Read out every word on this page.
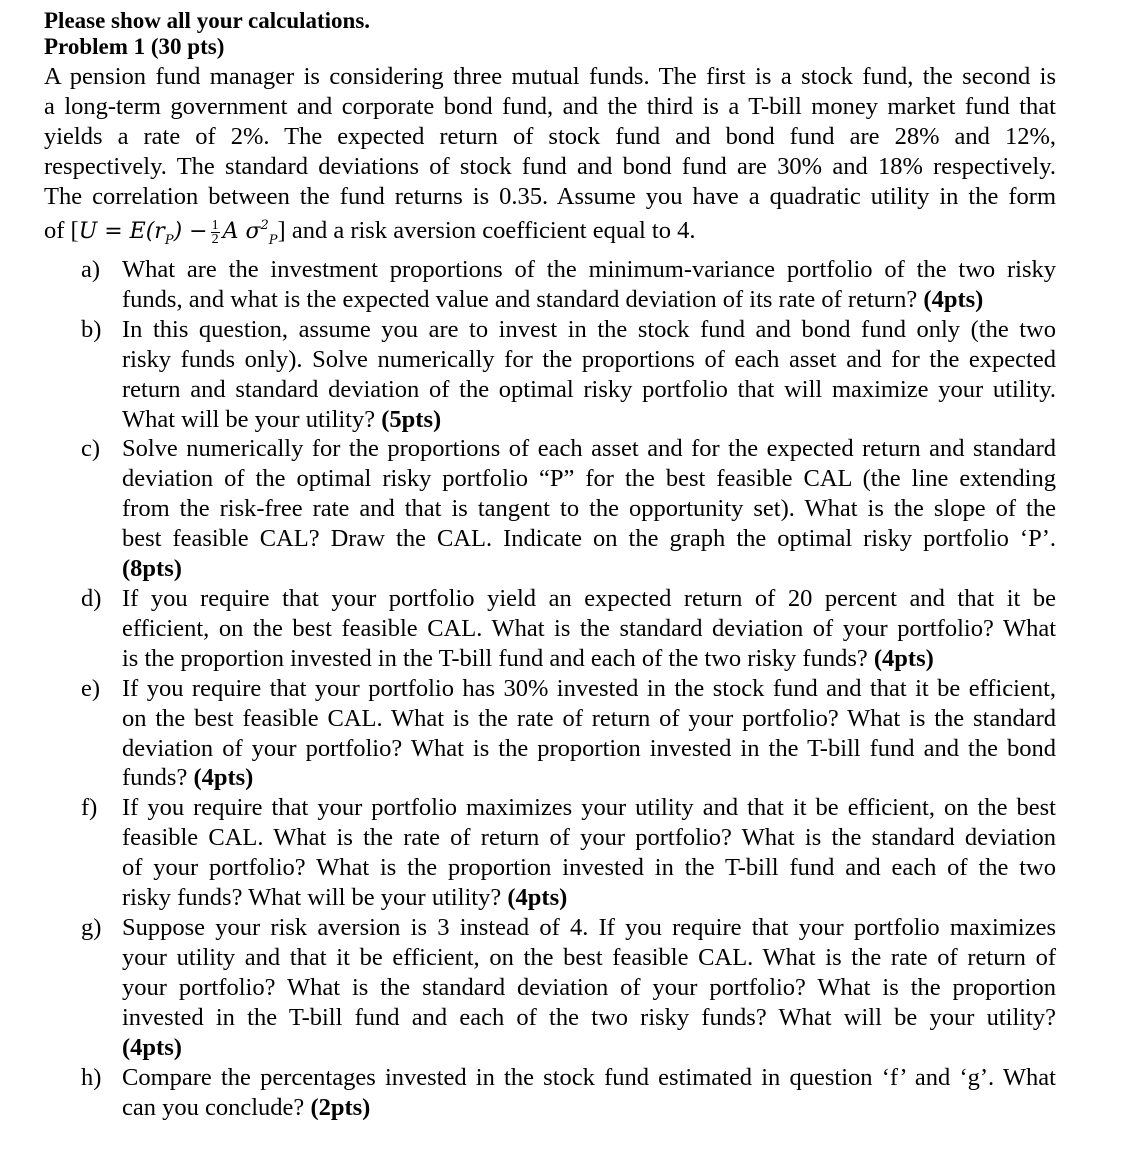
Please show all your calculations.
Problem 1 (30 pts)
A pension fund manager is considering three mutual funds. The first is a stock fund, the second is
a long-term government and corporate bond fund, and the third is a T-bill money market fund that
yields a rate of 2%. The expected return of stock fund and bond fund are 28% and 12%,
respectively. The standard deviations of stock fund and bond fund are 30% and 18% respectively.
The correlation between the fund returns is 0.35. Assume you have a quadratic utility in the form
of [$U = E(r_P) - \frac{1}{2}$ A $\sigma^2_P$] and a risk aversion coefficient equal to 4.
a) What are the investment proportions of the minimum-variance portfolio of the two risky
funds, and what is the expected value and standard deviation of its rate of return? (4pts)
b) In this question, assume you are to invest in the stock fund and bond fund only (the two
risky funds only). Solve numerically for the proportions of each asset and for the expected
return and standard deviation of the optimal risky portfolio that will maximize your utility.
What will be your utility? (5pts)
c) Solve numerically for the proportions of each asset and for the expected return and standard
deviation of the optimal risky portfolio “P” for the best feasible CAL (the line extending
from the risk-free rate and that is tangent to the opportunity set). What is the slope of the
best feasible CAL? Draw the CAL. Indicate on the graph the optimal risky portfolio ‘P’.
(8pts)
d) If you require that your portfolio yield an expected return of 20 percent and that it be
efficient, on the best feasible CAL. What is the standard deviation of your portfolio? What
is the proportion invested in the T-bill fund and each of the two risky funds? (4pts)
e) If you require that your portfolio has 30% invested in the stock fund and that it be efficient,
on the best feasible CAL. What is the rate of return of your portfolio? What is the standard
deviation of your portfolio? What is the proportion invested in the T-bill fund and the bond
funds? (4pts)
f) If you require that your portfolio maximizes your utility and that it be efficient, on the best
feasible CAL. What is the rate of return of your portfolio? What is the standard deviation
of your portfolio? What is the proportion invested in the T-bill fund and each of the two
risky funds? What will be your utility? (4pts)
g) Suppose your risk aversion is 3 instead of 4. If you require that your portfolio maximizes
your utility and that it be efficient, on the best feasible CAL. What is the rate of return of
your portfolio? What is the standard deviation of your portfolio? What is the proportion
invested in the T-bill fund and each of the two risky funds? What will be your utility?
(4pts)
h) Compare the percentages invested in the stock fund estimated in question ‘f’ and ‘g’. What
can you conclude? (2pts)
